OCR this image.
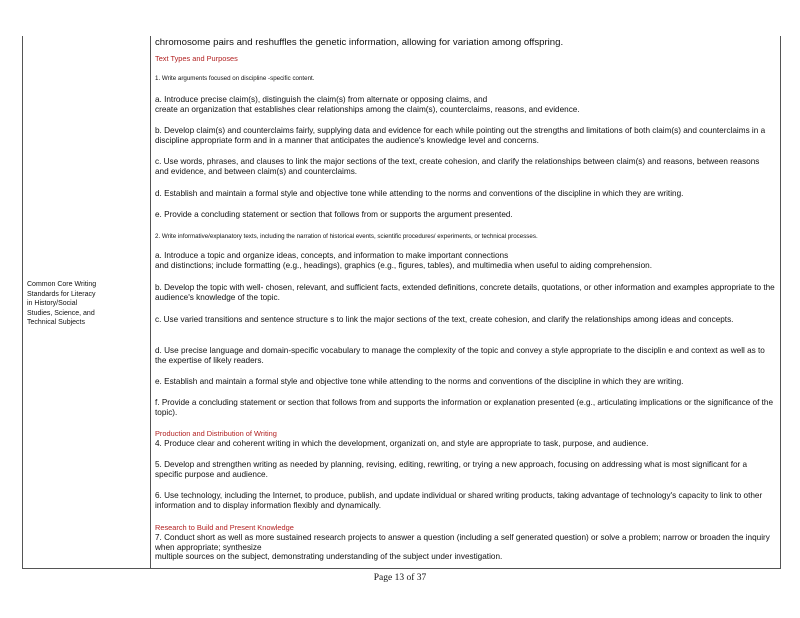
Common Core Writing
Standards for Literacy
in History/Social
Studies, Science, and
Technical Subjects
chromosome pairs and reshuffles the genetic information, allowing for variation among offspring.
Text Types and Purposes
1. Write arguments focused on discipline -specific content.
a. Introduce precise claim(s), distinguish the claim(s) from alternate or opposing claims, and
create an organization that establishes clear relationships among the claim(s), counterclaims, reasons, and evidence.
b. Develop claim(s) and counterclaims fairly, supplying data and evidence for each while pointing out the strengths and limitations of both claim(s) and counterclaims in a discipline appropriate form and in a manner that anticipates the audience's knowledge level and concerns.
c. Use words, phrases, and clauses to link the major sections of the text, create cohesion, and clarify the relationships between claim(s) and reasons, between reasons and evidence, and between claim(s) and counterclaims.
d. Establish and maintain a formal style and objective tone while attending to the norms and conventions of the discipline in which they are writing.
e. Provide a concluding statement or section that follows from or supports the argument presented.
2. Write informative/explanatory texts, including the narration of historical events, scientific procedures/ experiments, or technical processes.
a. Introduce a topic and organize ideas, concepts, and information to make important connections
and distinctions; include formatting (e.g., headings), graphics (e.g., figures, tables), and multimedia when useful to aiding comprehension.
b. Develop the topic with well- chosen, relevant, and sufficient facts, extended definitions, concrete details, quotations, or other information and examples appropriate to the audience's knowledge of the topic.
c. Use varied transitions and sentence structure s to link the major sections of the text, create cohesion, and clarify the relationships among ideas and concepts.
d. Use precise language and domain-specific vocabulary to manage the complexity of the topic and convey a style appropriate to the disciplin e and context as well as to the expertise of likely readers.
e. Establish and maintain a formal style and objective tone while attending to the norms and conventions of the discipline in which they are writing.
f. Provide a concluding statement or section that follows from and supports the information or explanation presented (e.g., articulating implications or the significance of the topic).
Production and Distribution of Writing
4. Produce clear and coherent writing in which the development, organizati on, and style are appropriate to task, purpose, and audience.
5. Develop and strengthen writing as needed by planning, revising, editing, rewriting, or trying a new approach, focusing on addressing what is most significant for a specific purpose and audience.
6. Use technology, including the Internet, to produce, publish, and update individual or shared writing products, taking advantage of technology's capacity to link to other information and to display information flexibly and dynamically.
Research to Build and Present Knowledge
7. Conduct short as well as more sustained research projects to answer a question (including a self generated question) or solve a problem; narrow or broaden the inquiry when appropriate; synthesize
multiple sources on the subject, demonstrating understanding of the subject under investigation.
Page 13 of 37
